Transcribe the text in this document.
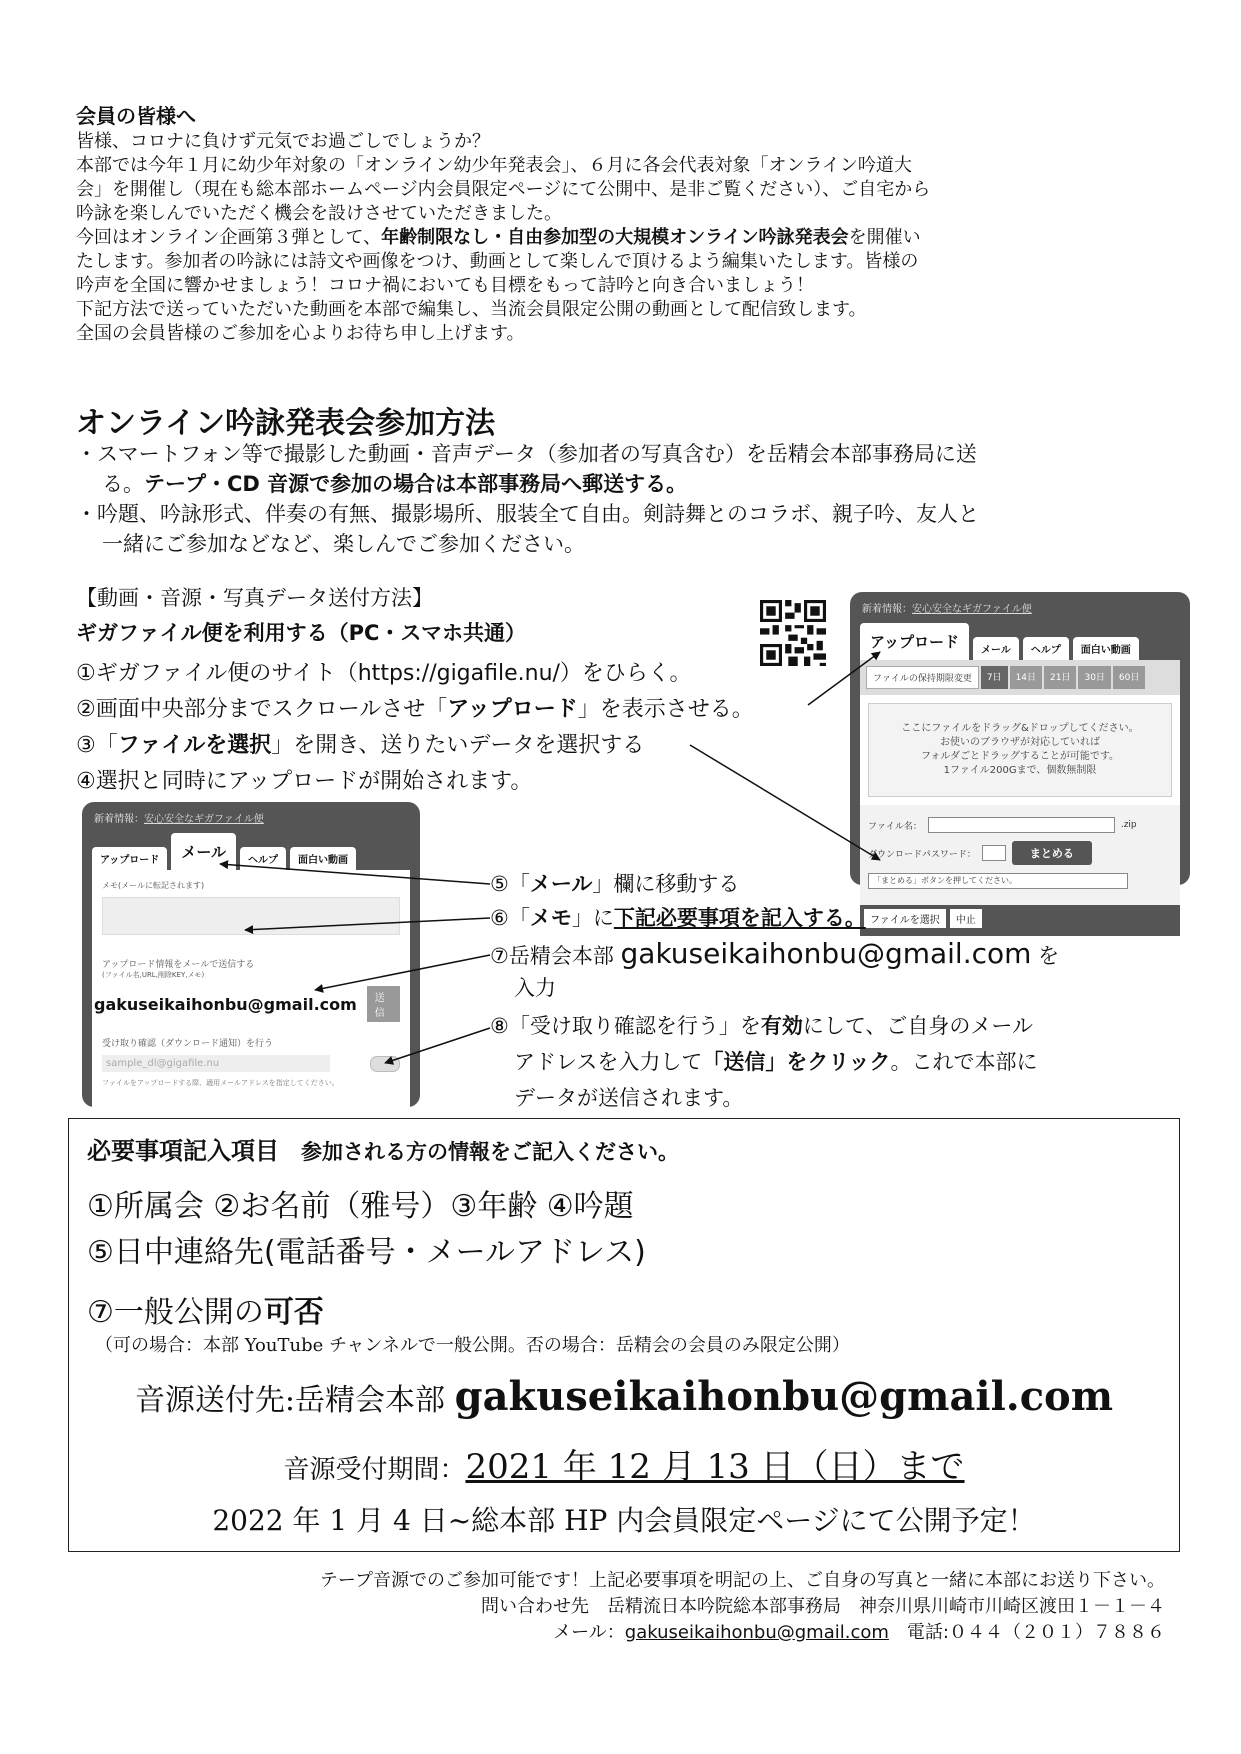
会員の皆様へ

皆様、コロナに負けず元気でお過ごしでしょうか？

本部では今年１月に幼少年対象の「オンライン幼少年発表会」、６月に各会代表対象「オンライン吟道大

会」を開催し（現在も総本部ホームページ内会員限定ページにて公開中、是非ご覧ください）、ご自宅から

吟詠を楽しんでいただく機会を設けさせていただきました。

今回はオンライン企画第３弾として、年齢制限なし・自由参加型の大規模オンライン吟詠発表会を開催い

たします。参加者の吟詠には詩文や画像をつけ、動画として楽しんで頂けるよう編集いたします。皆様の

吟声を全国に響かせましょう！コロナ禍においても目標をもって詩吟と向き合いましょう！

下記方法で送っていただいた動画を本部で編集し、当流会員限定公開の動画として配信致します。

全国の会員皆様のご参加を心よりお待ち申し上げます。

オンライン吟詠発表会参加方法

・スマートフォン等で撮影した動画・音声データ（参加者の写真含む）を岳精会本部事務局に送

る。テープ・CD 音源で参加の場合は本部事務局へ郵送する。

・吟題、吟詠形式、伴奏の有無、撮影場所、服装全て自由。剣詩舞とのコラボ、親子吟、友人と

一緒にご参加などなど、楽しんでご参加ください。

【動画・音源・写真データ送付方法】
ギガファイル便を利用する（PC・スマホ共通）
①ギガファイル便のサイト（https://gigafile.nu/）をひらく。
②画面中央部分までスクロールさせ「アップロード」を表示させる。
③「ファイルを選択」を開き、送りたいデータを選択する
④選択と同時にアップロードが開始されます。
新着情報：安心安全なギガファイル便
アップロード	メール	ヘルプ	面白い動画
ファイルの保持期限変更	7日	14日	21日	30日	60日
ここにファイルをドラッグ&ドロップしてください。
お使いのブラウザが対応していれば
フォルダごとドラッグすることが可能です。
1ファイル200Gまで、個数無制限
ファイル名：	.zip
ダウンロードパスワード：	まとめる
「まとめる」ボタンを押してください。
ファイルを選択	中止
新着情報：安心安全なギガファイル便
アップロード	メール	ヘルプ	面白い動画
メモ(メールに転記されます)
アップロード情報をメールで送信する
(ファイル名,URL,削除KEY,メモ)
gakuseikaihonbu@gmail.com	送信
受け取り確認（ダウンロード通知）を行う
sample_dl@gigafile.nu
ファイルをアップロードする際、適用メールアドレスを指定してください。
⑤「メール」欄に移動する
⑥「メモ」に下記必要事項を記入する。
⑦岳精会本部 gakuseikaihonbu@gmail.com を
入力
⑧「受け取り確認を行う」を有効にして、ご自身のメール
アドレスを入力して「送信」をクリック。これで本部に
データが送信されます。
必要事項記入項目 参加される方の情報をご記入ください。
①所属会 ②お名前（雅号）③年齢 ④吟題
⑤日中連絡先(電話番号・メールアドレス)
⑦一般公開の可否
（可の場合：本部 YouTube チャンネルで一般公開。否の場合：岳精会の会員のみ限定公開）
音源送付先:岳精会本部 gakuseikaihonbu@gmail.com
音源受付期間：2021 年 12 月 13 日（日）まで
2022 年 1 月 4 日~総本部 HP 内会員限定ページにて公開予定！
テープ音源でのご参加可能です！上記必要事項を明記の上、ご自身の写真と一緒に本部にお送り下さい。
問い合わせ先　岳精流日本吟院総本部事務局　神奈川県川崎市川崎区渡田１－１－４
メール：gakuseikaihonbu@gmail.com　電話:０４４（２０１）７８８６
